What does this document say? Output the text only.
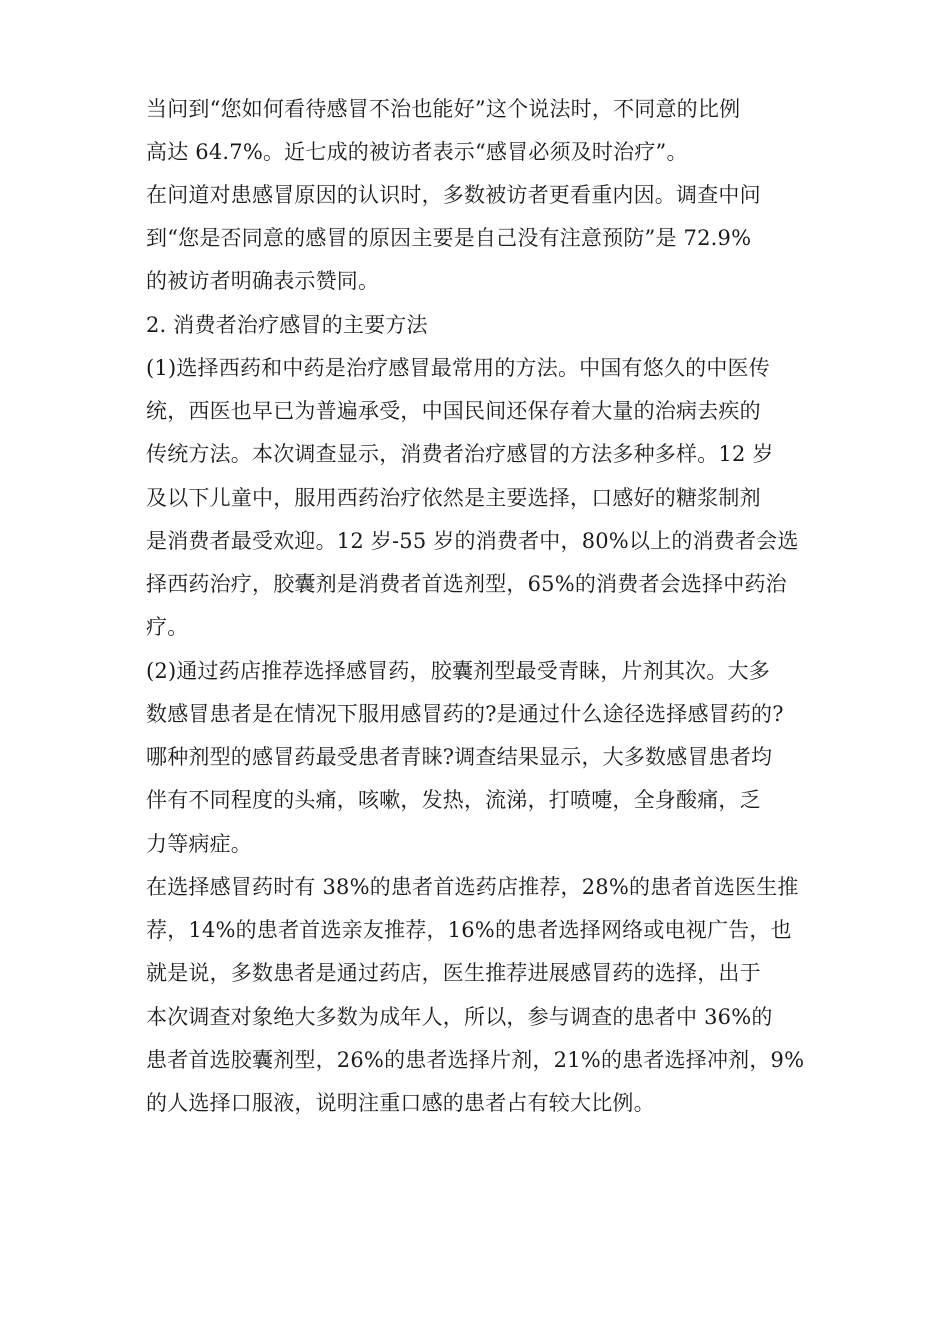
当问到“您如何看待感冒不治也能好”这个说法时，不同意的比例
高达 64.7%。近七成的被访者表示“感冒必须及时治疗”。
在问道对患感冒原因的认识时，多数被访者更看重内因。调查中问
到“您是否同意的感冒的原因主要是自己没有注意预防”是 72.9%
的被访者明确表示赞同。
2. 消费者治疗感冒的主要方法
(1)选择西药和中药是治疗感冒最常用的方法。中国有悠久的中医传
统，西医也早已为普遍承受，中国民间还保存着大量的治病去疾的
传统方法。本次调查显示，消费者治疗感冒的方法多种多样。12 岁
及以下儿童中，服用西药治疗依然是主要选择，口感好的糖浆制剂
是消费者最受欢迎。12 岁-55 岁的消费者中，80%以上的消费者会选
择西药治疗，胶囊剂是消费者首选剂型，65%的消费者会选择中药治
疗。
(2)通过药店推荐选择感冒药，胶囊剂型最受青睐，片剂其次。大多
数感冒患者是在情况下服用感冒药的?是通过什么途径选择感冒药的?
哪种剂型的感冒药最受患者青睐?调查结果显示，大多数感冒患者均
伴有不同程度的头痛，咳嗽，发热，流涕，打喷嚏，全身酸痛，乏
力等病症。
在选择感冒药时有 38%的患者首选药店推荐，28%的患者首选医生推
荐，14%的患者首选亲友推荐，16%的患者选择网络或电视广告，也
就是说，多数患者是通过药店，医生推荐进展感冒药的选择，出于
本次调查对象绝大多数为成年人，所以，参与调查的患者中 36%的
患者首选胶囊剂型，26%的患者选择片剂，21%的患者选择冲剂，9%
的人选择口服液，说明注重口感的患者占有较大比例。
